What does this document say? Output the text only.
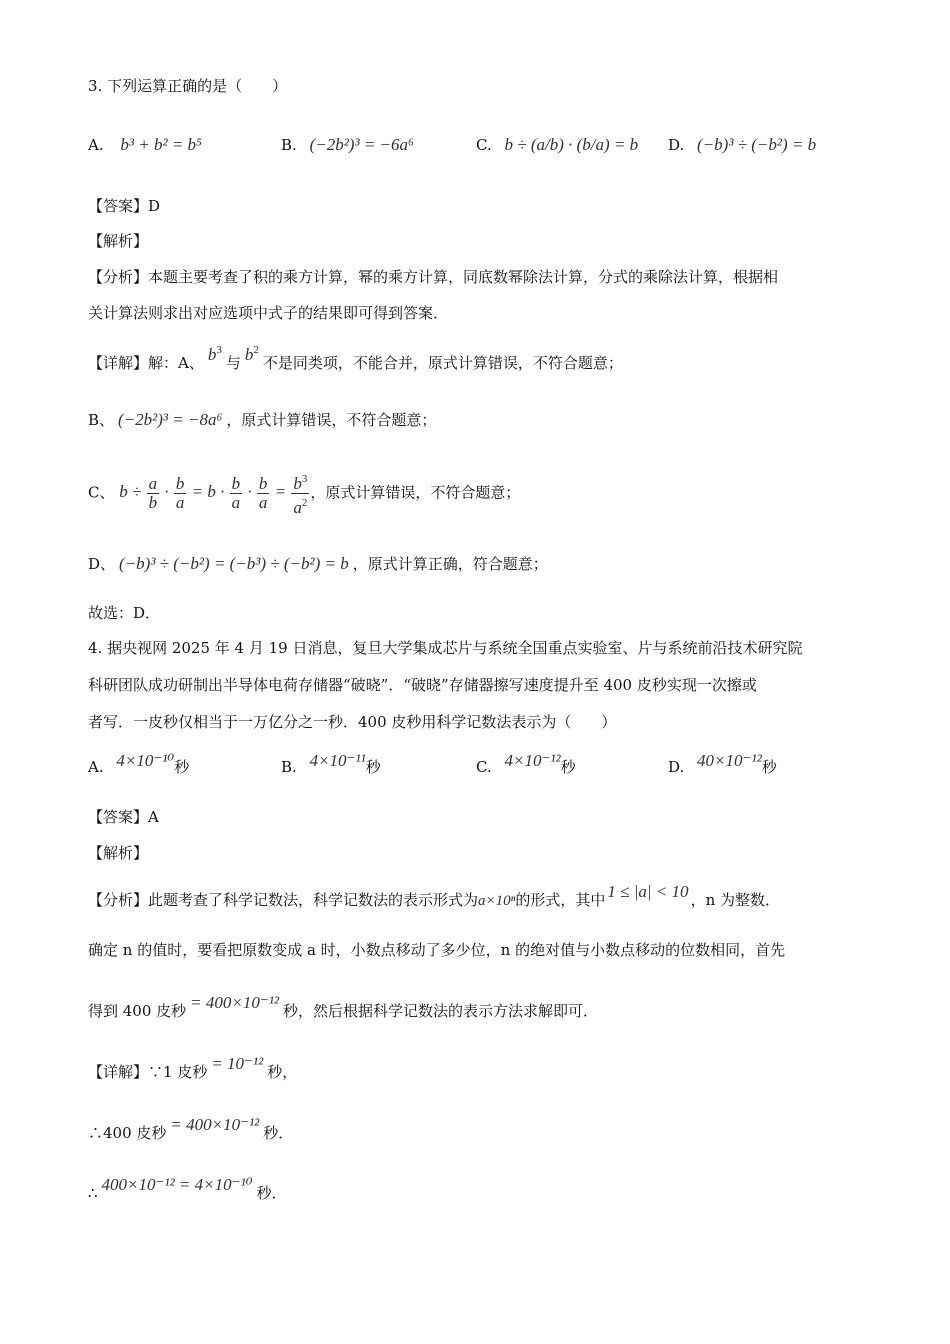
3. 下列运算正确的是（　　）
A. b³ + b² = b⁵	B. (−2b²)³ = −6a⁶	C. b ÷ (a/b) · (b/a) = b D. (−b)³ ÷ (−b²) = b
【答案】D
【解析】
【分析】本题主要考查了积的乘方计算，幂的乘方计算，同底数幂除法计算，分式的乘除法计算，根据相
关计算法则求出对应选项中式子的结果即可得到答案．
【详解】解：A、 $b^3$与 $b^2$不是同类项，不能合并，原式计算错误，不符合题意；
B、 (−2b²)³ = −8a⁶ ，原式计算错误，不符合题意；
C、 $b \div \frac{a}{b} \cdot \frac{b}{a} = b \cdot \frac{b}{a} \cdot \frac{b}{a} = \frac{b^3}{a^2}$ ，原式计算错误，不符合题意；
D、 (−b)³ ÷ (−b²) = (−b³) ÷ (−b²) = b ，原式计算正确，符合题意；
故选：D．
4. 据央视网 2025 年 4 月 19 日消息，复旦大学集成芯片与系统全国重点实验室、片与系统前沿技术研究院
科研团队成功研制出半导体电荷存储器“破晓”．“破晓”存储器擦写速度提升至 400 皮秒实现一次擦或
者写．一皮秒仅相当于一万亿分之一秒．400 皮秒用科学记数法表示为（　　）
A. 4×10⁻¹⁰秒	B. 4×10⁻¹¹秒	C. 4×10⁻¹²秒	D. 40×10⁻¹²秒
【答案】A
【解析】
【分析】此题考查了科学记数法，科学记数法的表示形式为a×10ⁿ的形式，其中 1 ≤ |a| < 10 ，n 为整数．
确定 n 的值时，要看把原数变成 a 时，小数点移动了多少位，n 的绝对值与小数点移动的位数相同，首先
得到 400 皮秒 = 400×10⁻¹² 秒，然后根据科学记数法的表示方法求解即可．
【详解】∵1 皮秒 = 10⁻¹² 秒，
∴400 皮秒 = 400×10⁻¹² 秒．
∴ 400×10⁻¹² = 4×10⁻¹⁰ 秒．
